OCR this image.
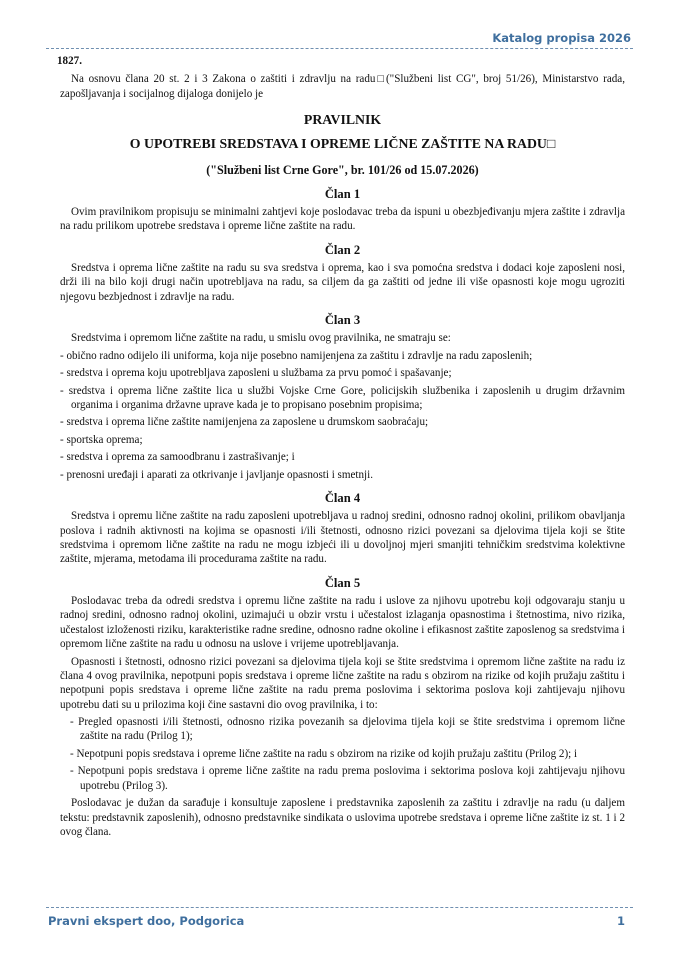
Katalog propisa 2026

1827.

Na osnovu člana 20 st. 2 i 3 Zakona o zaštiti i zdravlju na radu□("Službeni list CG", broj 51/26), Ministarstvo rada, zapošljavanja i socijalnog dijaloga donijelo je

PRAVILNIK

O UPOTREBI SREDSTAVA I OPREME LIČNE ZAŠTITE NA RADU□

("Službeni list Crne Gore", br. 101/26 od 15.07.2026)

Član 1

Ovim pravilnikom propisuju se minimalni zahtjevi koje poslodavac treba da ispuni u obezbjeđivanju mjera zaštite i zdravlja na radu prilikom upotrebe sredstava i opreme lične zaštite na radu.

Član 2

Sredstva i oprema lične zaštite na radu su sva sredstva i oprema, kao i sva pomoćna sredstva i dodaci koje zaposleni nosi, drži ili na bilo koji drugi način upotrebljava na radu, sa ciljem da ga zaštiti od jedne ili više opasnosti koje mogu ugroziti njegovu bezbjednost i zdravlje na radu.

Član 3

Sredstvima i opremom lične zaštite na radu, u smislu ovog pravilnika, ne smatraju se:

- obično radno odijelo ili uniforma, koja nije posebno namijenjena za zaštitu i zdravlje na radu zaposlenih;

- sredstva i oprema koju upotrebljava zaposleni u službama za prvu pomoć i spašavanje;

- sredstva i oprema lične zaštite lica u službi Vojske Crne Gore, policijskih službenika i zaposlenih u drugim državnim organima i organima državne uprave kada je to propisano posebnim propisima;

- sredstva i oprema lične zaštite namijenjena za zaposlene u drumskom saobraćaju;

- sportska oprema;

- sredstva i oprema za samoodbranu i zastrašivanje; i

- prenosni uređaji i aparati za otkrivanje i javljanje opasnosti i smetnji.

Član 4

Sredstva i opremu lične zaštite na radu zaposleni upotrebljava u radnoj sredini, odnosno radnoj okolini, prilikom obavljanja poslova i radnih aktivnosti na kojima se opasnosti i/ili štetnosti, odnosno rizici povezani sa djelovima tijela koji se štite sredstvima i opremom lične zaštite na radu ne mogu izbjeći ili u dovoljnoj mjeri smanjiti tehničkim sredstvima kolektivne zaštite, mjerama, metodama ili procedurama zaštite na radu.

Član 5

Poslodavac treba da odredi sredstva i opremu lične zaštite na radu i uslove za njihovu upotrebu koji odgovaraju stanju u radnoj sredini, odnosno radnoj okolini, uzimajući u obzir vrstu i učestalost izlaganja opasnostima i štetnostima, nivo rizika, učestalost izloženosti riziku, karakteristike radne sredine, odnosno radne okoline i efikasnost zaštite zaposlenog sa sredstvima i opremom lične zaštite na radu u odnosu na uslove i vrijeme upotrebljavanja.

Opasnosti i štetnosti, odnosno rizici povezani sa djelovima tijela koji se štite sredstvima i opremom lične zaštite na radu iz člana 4 ovog pravilnika, nepotpuni popis sredstava i opreme lične zaštite na radu s obzirom na rizike od kojih pružaju zaštitu i nepotpuni popis sredstava i opreme lične zaštite na radu prema poslovima i sektorima poslova koji zahtijevaju njihovu upotrebu dati su u prilozima koji čine sastavni dio ovog pravilnika, i to:

- Pregled opasnosti i/ili štetnosti, odnosno rizika povezanih sa djelovima tijela koji se štite sredstvima i opremom lične zaštite na radu (Prilog 1);

- Nepotpuni popis sredstava i opreme lične zaštite na radu s obzirom na rizike od kojih pružaju zaštitu (Prilog 2); i

- Nepotpuni popis sredstava i opreme lične zaštite na radu prema poslovima i sektorima poslova koji zahtijevaju njihovu upotrebu (Prilog 3).

Poslodavac je dužan da sarađuje i konsultuje zaposlene i predstavnika zaposlenih za zaštitu i zdravlje na radu (u daljem tekstu: predstavnik zaposlenih), odnosno predstavnike sindikata o uslovima upotrebe sredstava i opreme lične zaštite iz st. 1 i 2 ovog člana.

Pravni ekspert doo, Podgorica	1
